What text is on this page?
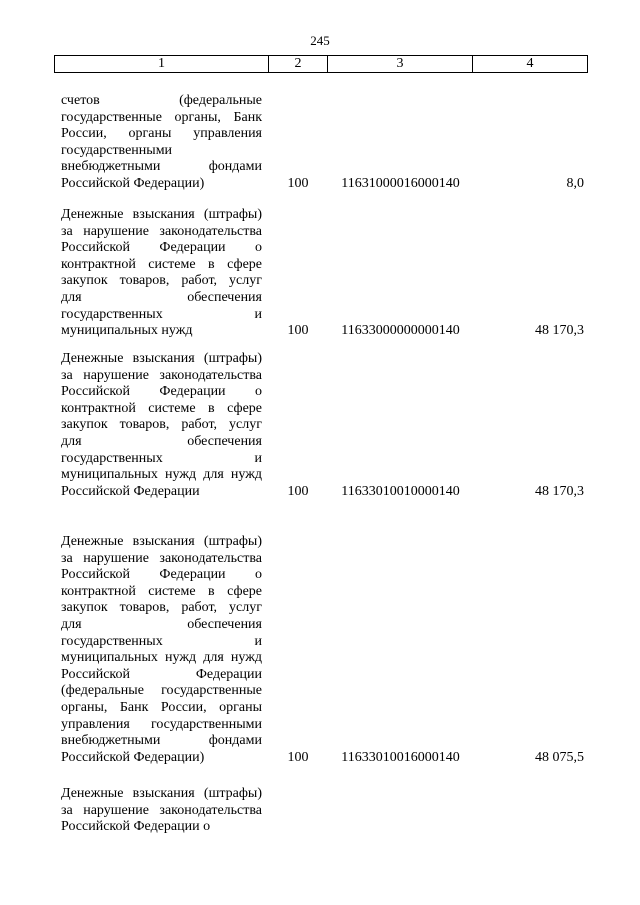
245
1	2	3	4
счетов (федеральные
государственные органы, Банк
России, органы управления
государственными
внебюджетными фондами
Российской Федерации)	100	11631000016000140	8,0
Денежные взыскания (штрафы)
за нарушение законодательства
Российской Федерации о
контрактной системе в сфере
закупок товаров, работ, услуг
для обеспечения
государственных и
муниципальных нужд	100	11633000000000140	48 170,3
Денежные взыскания (штрафы)
за нарушение законодательства
Российской Федерации о
контрактной системе в сфере
закупок товаров, работ, услуг
для обеспечения
государственных и
муниципальных нужд для нужд
Российской Федерации	100	11633010010000140	48 170,3
Денежные взыскания (штрафы)
за нарушение законодательства
Российской Федерации о
контрактной системе в сфере
закупок товаров, работ, услуг
для обеспечения
государственных и
муниципальных нужд для нужд
Российской Федерации
(федеральные государственные
органы, Банк России, органы
управления государственными
внебюджетными фондами
Российской Федерации)	100	11633010016000140	48 075,5
Денежные взыскания (штрафы)
за нарушение законодательства
Российской Федерации о
